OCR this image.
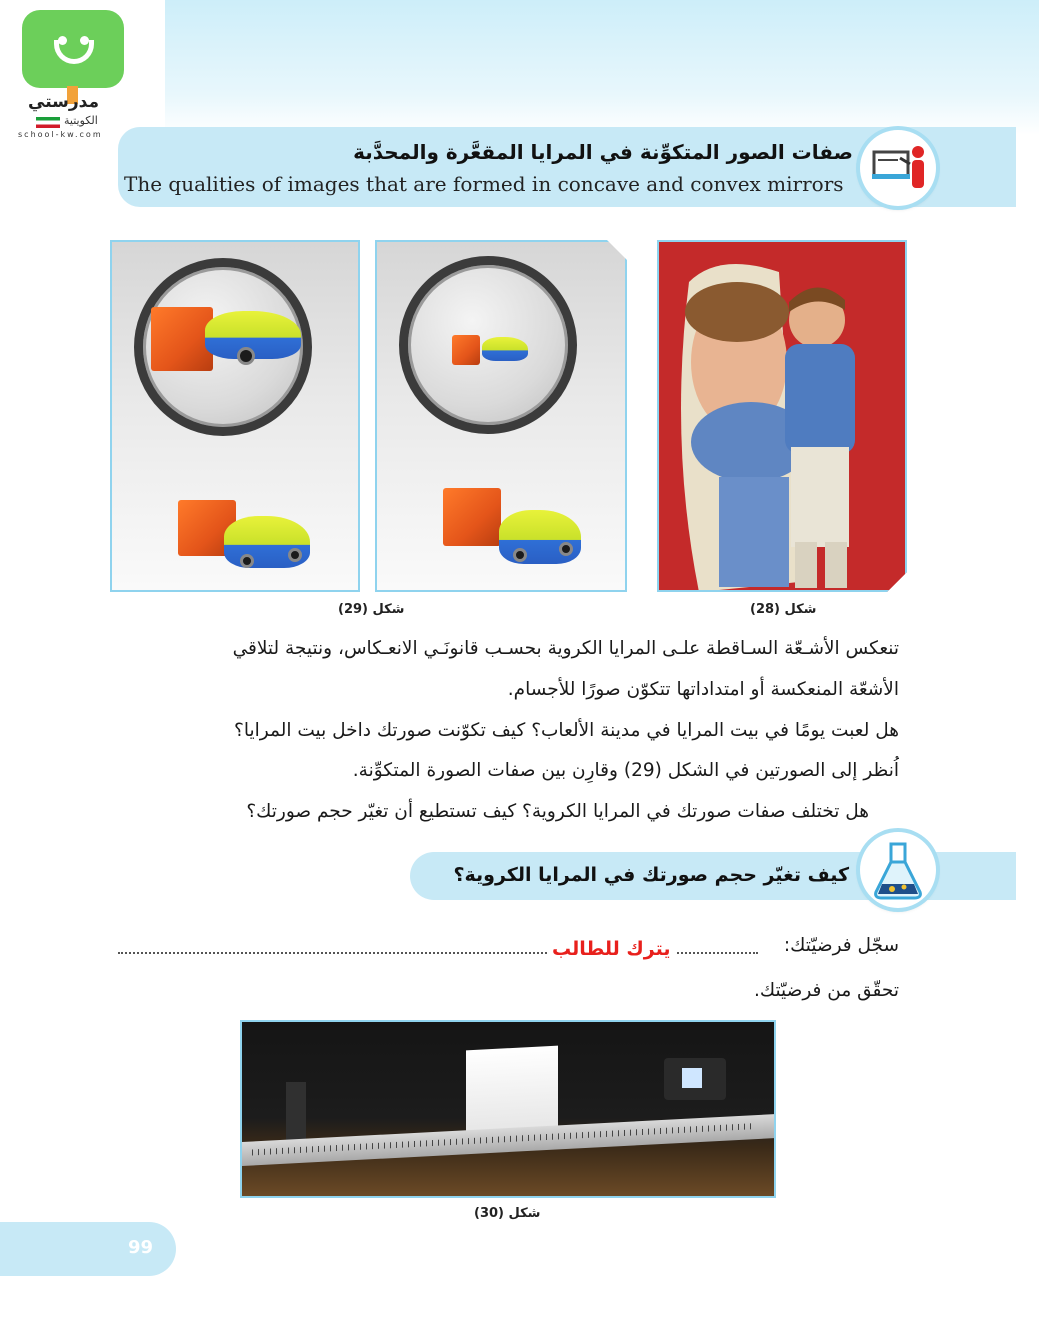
مدرستي
الكويتية
school-kw.com
صفات الصور المتكوِّنة في المرايا المقعَّرة والمحدَّبة
The qualities of images that are formed in concave and convex mirrors
شكل (29)	شكل (28)
تنعكس الأشـعّة السـاقطة علـى المرايا الكروية بحسـب قانونَـي الانعـكاس، ونتيجة لتلاقي
الأشعّة المنعكسة أو امتداداتها تتكوّن صورًا للأجسام.
هل لعبت يومًا في بيت المرايا في مدينة الألعاب؟ كيف تكوّنت صورتك داخل بيت المرايا؟
اُنظر إلى الصورتين في الشكل (29) وقارِن بين صفات الصورة المتكوِّنة.
هل تختلف صفات صورتك في المرايا الكروية؟ كيف تستطيع أن تغيّر حجم صورتك؟
كيف تغيّر حجم صورتك في المرايا الكروية؟
سجّل فرضيّتك:
يترك للطالب
تحقّق من فرضيّتك.
شكل (30)
99
